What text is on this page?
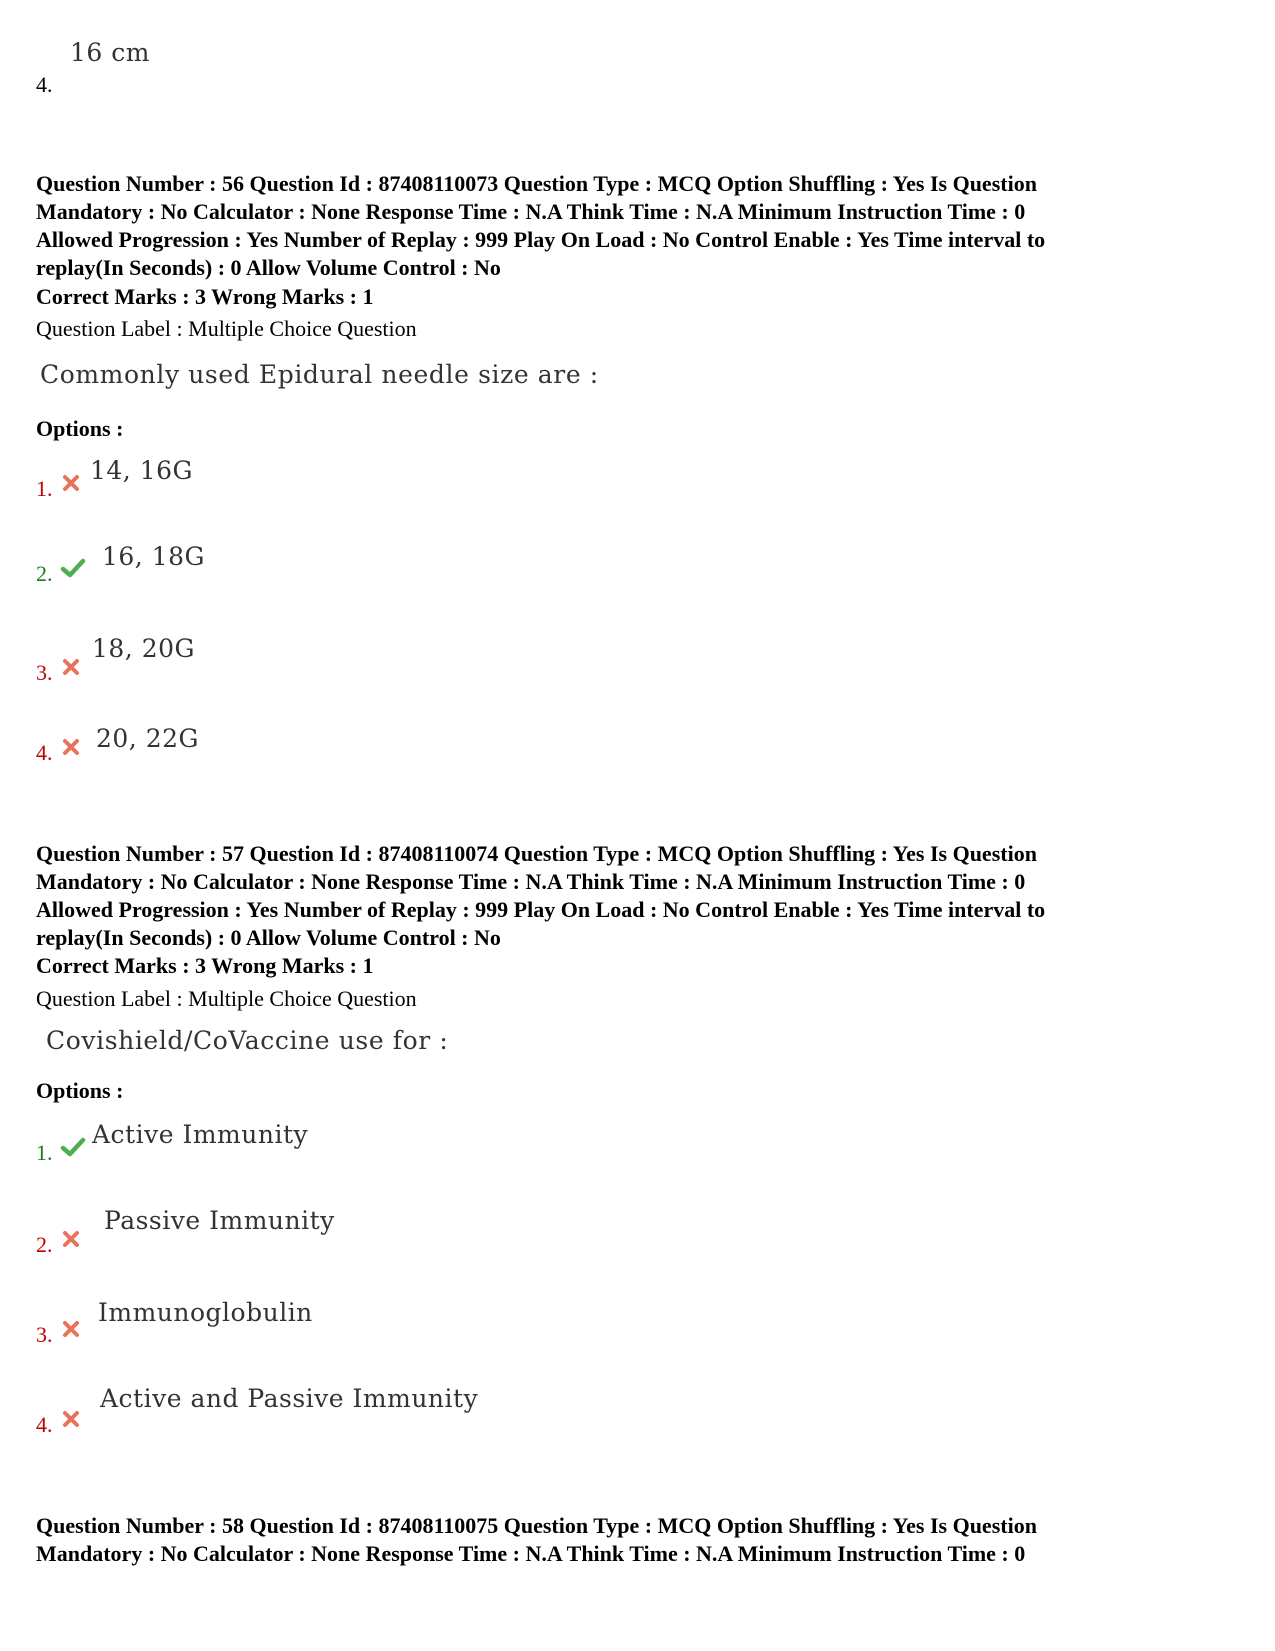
16 cm
4.

Question Number : 56 Question Id : 87408110073 Question Type : MCQ Option Shuffling : Yes Is Question

Mandatory : No Calculator : None Response Time : N.A Think Time : N.A Minimum Instruction Time : 0

Allowed Progression : Yes Number of Replay : 999 Play On Load : No Control Enable : Yes Time interval to

replay(In Seconds) : 0 Allow Volume Control : No

Correct Marks : 3 Wrong Marks : 1
Question Label : Multiple Choice Question
Commonly used Epidural needle size are :
Options :
1.
14, 16G
2.
16, 18G
3.
18, 20G
4. 20, 22G

Question Number : 57 Question Id : 87408110074 Question Type : MCQ Option Shuffling : Yes Is Question

Mandatory : No Calculator : None Response Time : N.A Think Time : N.A Minimum Instruction Time : 0

Allowed Progression : Yes Number of Replay : 999 Play On Load : No Control Enable : Yes Time interval to

replay(In Seconds) : 0 Allow Volume Control : No

Correct Marks : 3 Wrong Marks : 1
Question Label : Multiple Choice Question
Covishield/CoVaccine use for :
Options :
1.
Active Immunity
2.
Passive Immunity
3.
Immunoglobulin
4.
Active and Passive Immunity

Question Number : 58 Question Id : 87408110075 Question Type : MCQ Option Shuffling : Yes Is Question

Mandatory : No Calculator : None Response Time : N.A Think Time : N.A Minimum Instruction Time : 0
